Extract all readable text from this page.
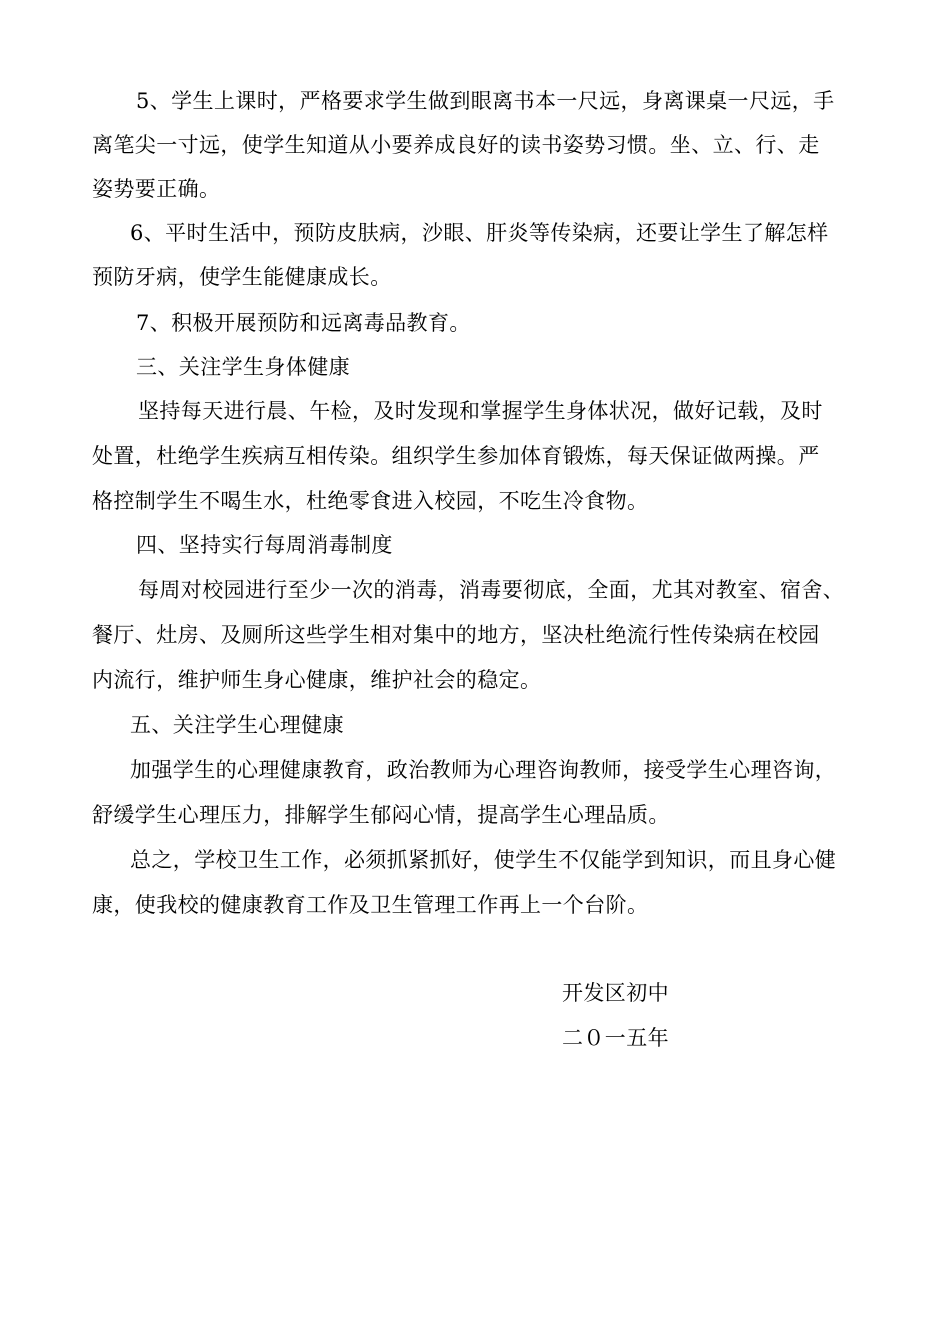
5、学生上课时，严格要求学生做到眼离书本一尺远，身离课桌一尺远，手
离笔尖一寸远，使学生知道从小要养成良好的读书姿势习惯。坐、立、行、走
姿势要正确。
6、平时生活中，预防皮肤病，沙眼、肝炎等传染病，还要让学生了解怎样
预防牙病，使学生能健康成长。
7、积极开展预防和远离毒品教育。
三、关注学生身体健康
坚持每天进行晨、午检，及时发现和掌握学生身体状况，做好记载，及时
处置，杜绝学生疾病互相传染。组织学生参加体育锻炼，每天保证做两操。严
格控制学生不喝生水，杜绝零食进入校园，不吃生冷食物。
四、坚持实行每周消毒制度
每周对校园进行至少一次的消毒，消毒要彻底，全面，尤其对教室、宿舍、
餐厅、灶房、及厕所这些学生相对集中的地方，坚决杜绝流行性传染病在校园
内流行，维护师生身心健康，维护社会的稳定。
五、关注学生心理健康
加强学生的心理健康教育，政治教师为心理咨询教师，接受学生心理咨询，
舒缓学生心理压力，排解学生郁闷心情，提高学生心理品质。
总之，学校卫生工作，必须抓紧抓好，使学生不仅能学到知识，而且身心健
康，使我校的健康教育工作及卫生管理工作再上一个台阶。
开发区初中
二０一五年
